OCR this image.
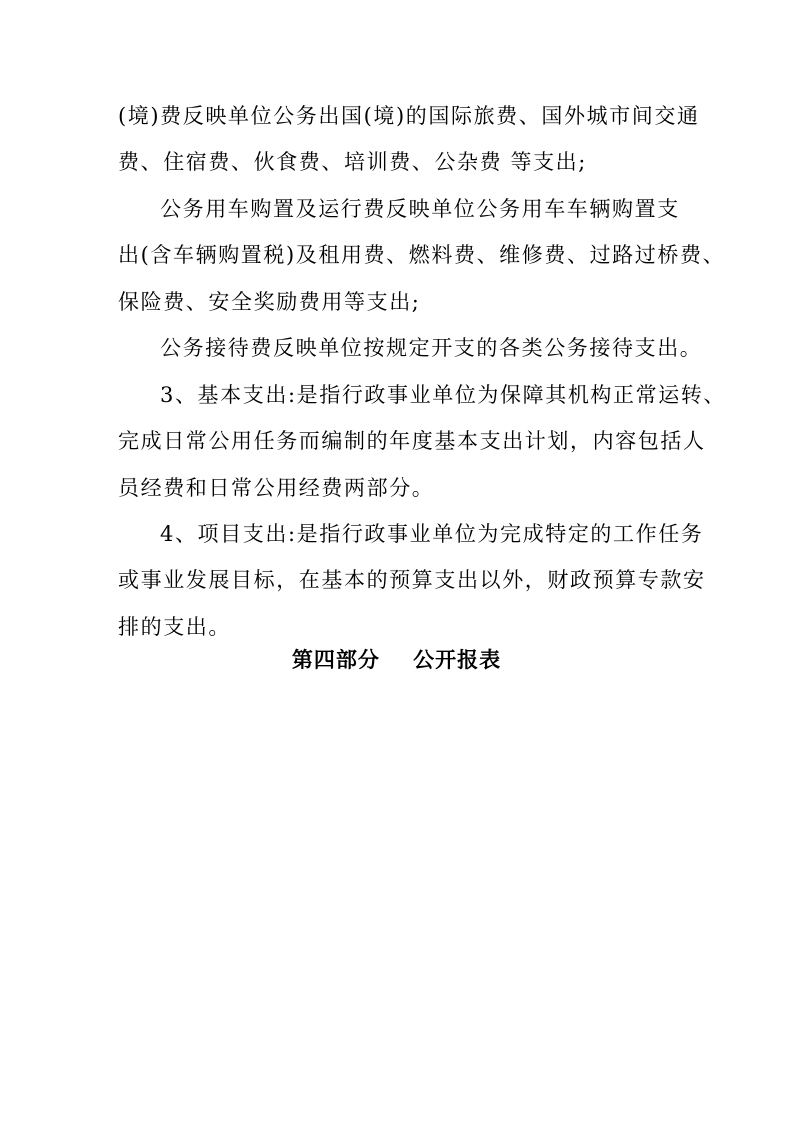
(境)费反映单位公务出国(境)的国际旅费、国外城市间交通
费、住宿费、伙食费、培训费、公杂费 等支出;
公务用车购置及运行费反映单位公务用车车辆购置支
出(含车辆购置税)及租用费、燃料费、维修费、过路过桥费、
保险费、安全奖励费用等支出;
公务接待费反映单位按规定开支的各类公务接待支出。
3、基本支出:是指行政事业单位为保障其机构正常运转、
完成日常公用任务而编制的年度基本支出计划，内容包括人
员经费和日常公用经费两部分。
4、项目支出:是指行政事业单位为完成特定的工作任务
或事业发展目标，在基本的预算支出以外，财政预算专款安
排的支出。
第四部分    公开报表
